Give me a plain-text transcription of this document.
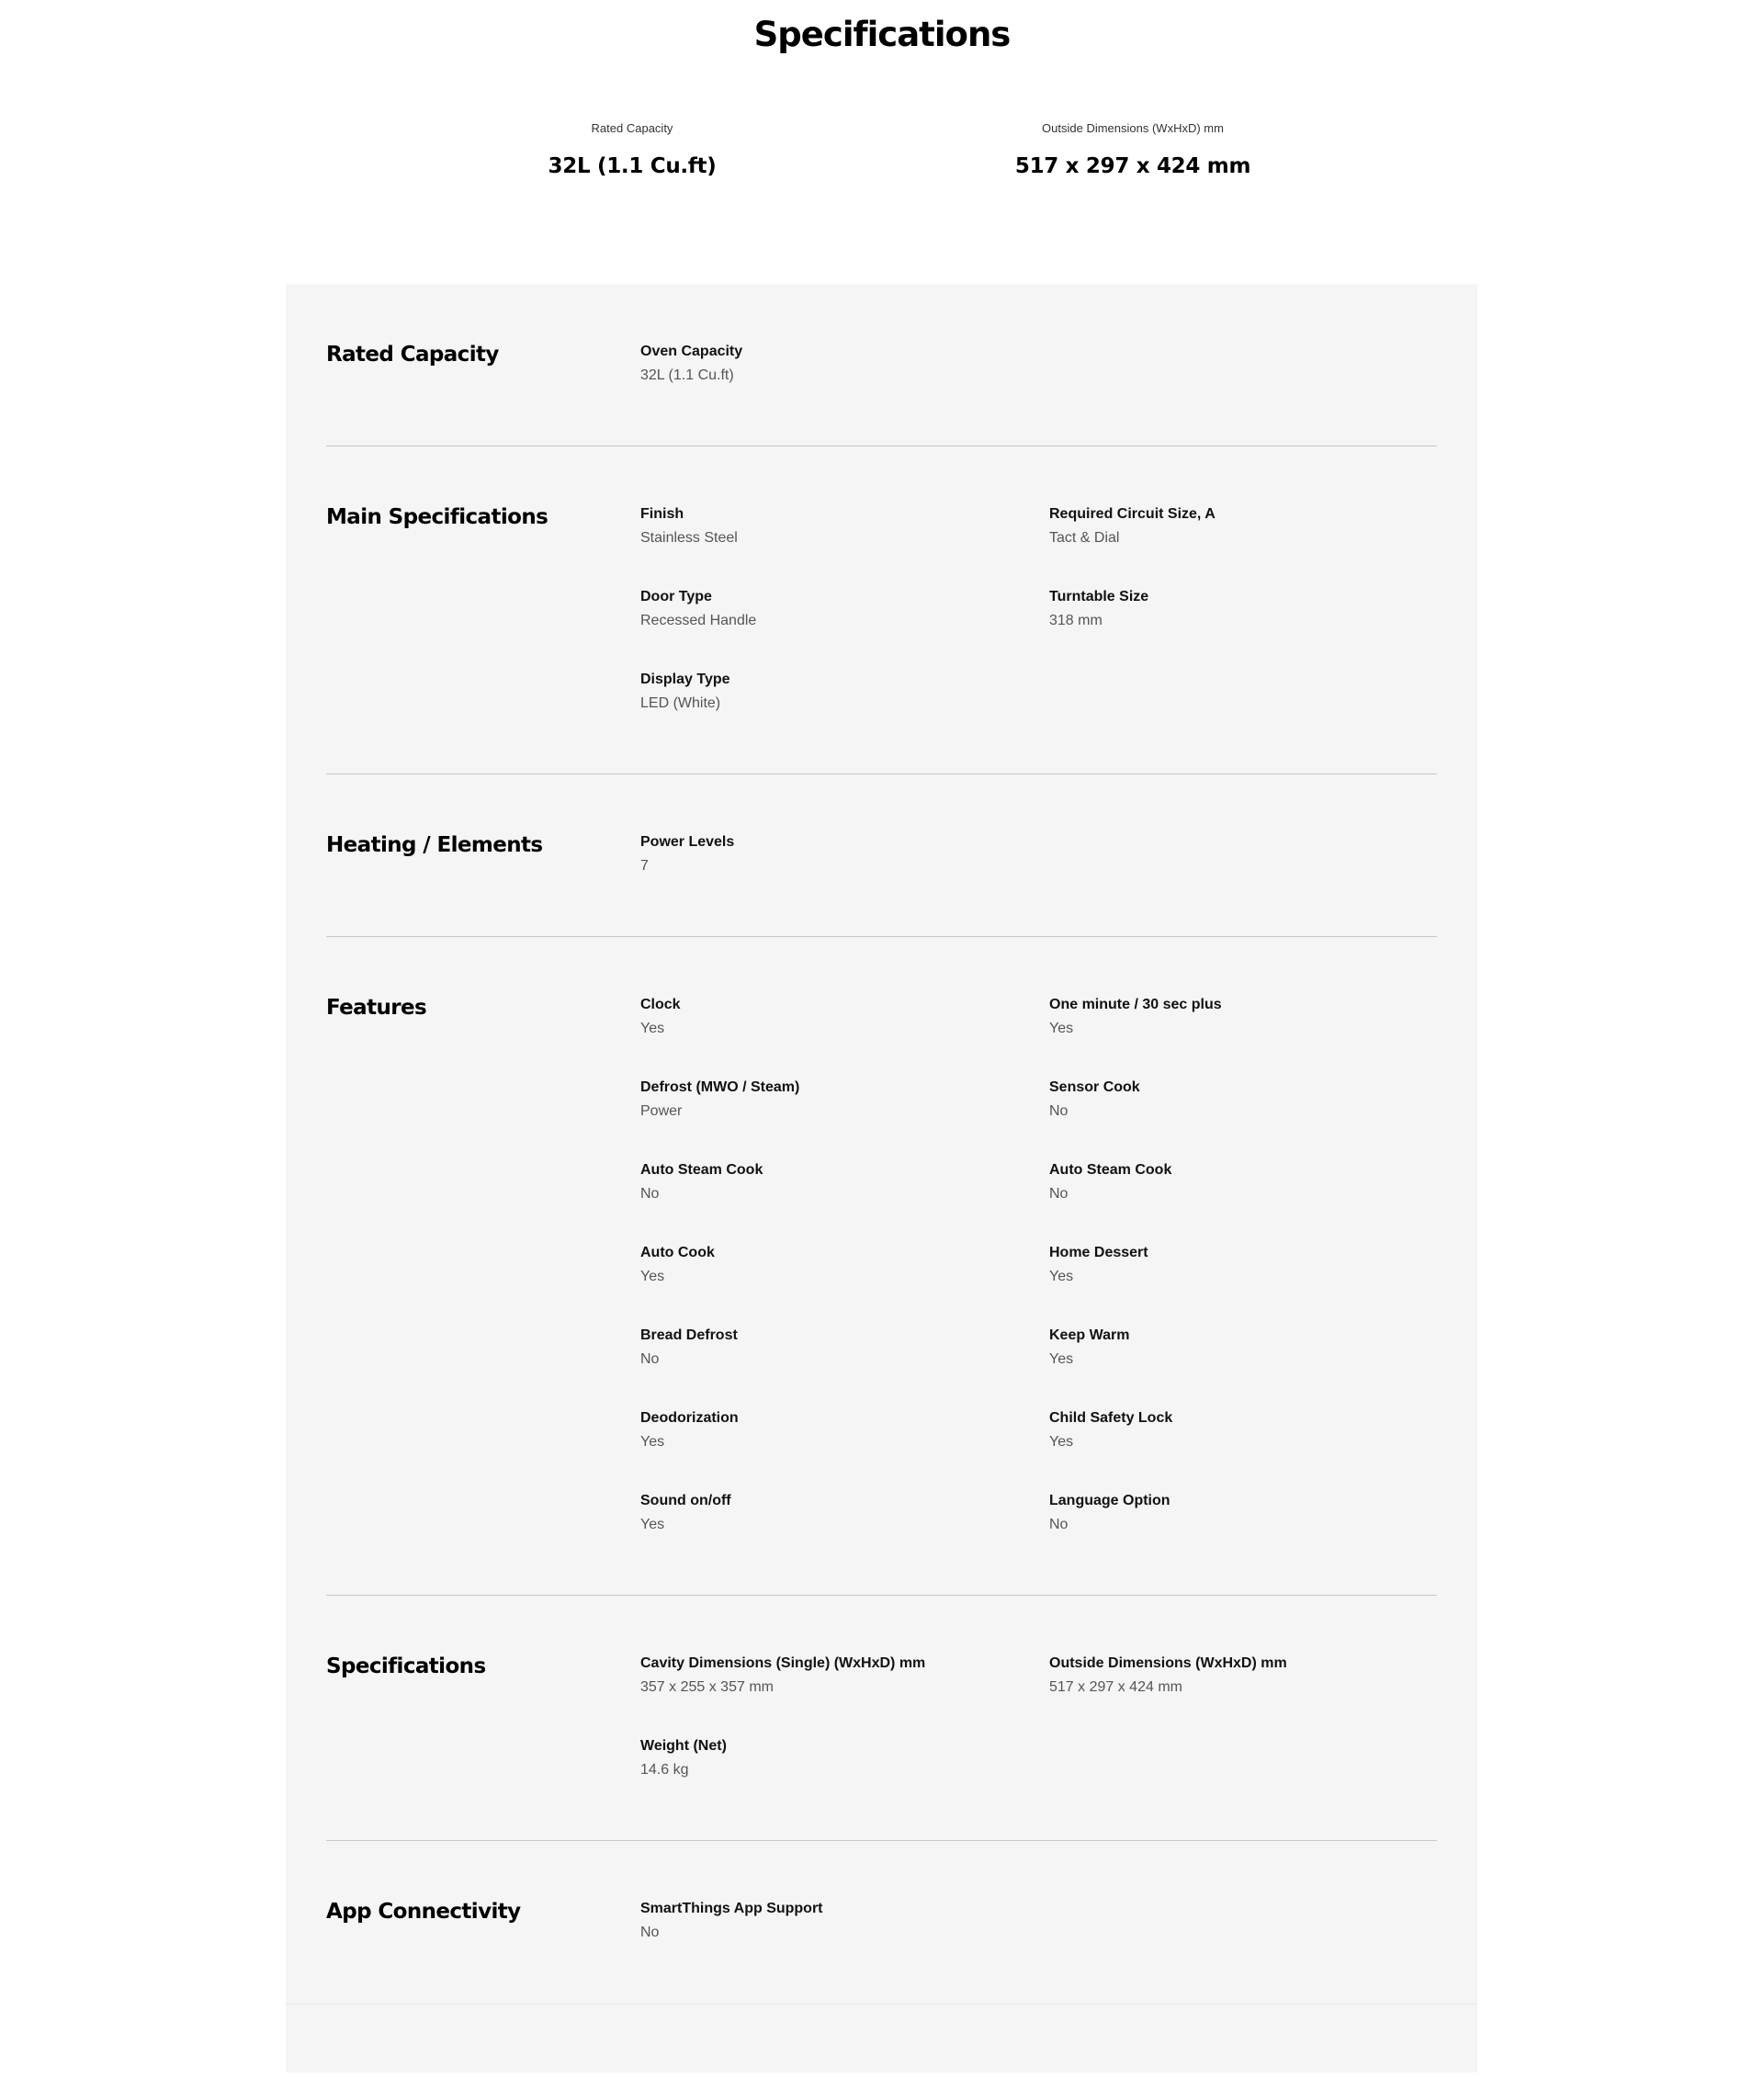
Specifications
Rated Capacity
32L (1.1 Cu.ft)
Outside Dimensions (WxHxD) mm
517 x 297 x 424 mm
Rated Capacity	Oven Capacity
32L (1.1 Cu.ft)
Main Specifications	Finish
Stainless Steel
Required Circuit Size, A
Tact & Dial
Door Type
Recessed Handle
Turntable Size
318 mm
Display Type
LED (White)
Heating / Elements	Power Levels
7
Features	Clock
Yes
One minute / 30 sec plus
Yes
Defrost (MWO / Steam)
Power
Sensor Cook
No
Auto Steam Cook
No
Auto Steam Cook
No
Auto Cook
Yes
Home Dessert
Yes
Bread Defrost
No
Keep Warm
Yes
Deodorization
Yes
Child Safety Lock
Yes
Sound on/off
Yes
Language Option
No
Specifications	Cavity Dimensions (Single) (WxHxD) mm
357 x 255 x 357 mm
Outside Dimensions (WxHxD) mm
517 x 297 x 424 mm
Weight (Net)
14.6 kg
App Connectivity	SmartThings App Support
No
